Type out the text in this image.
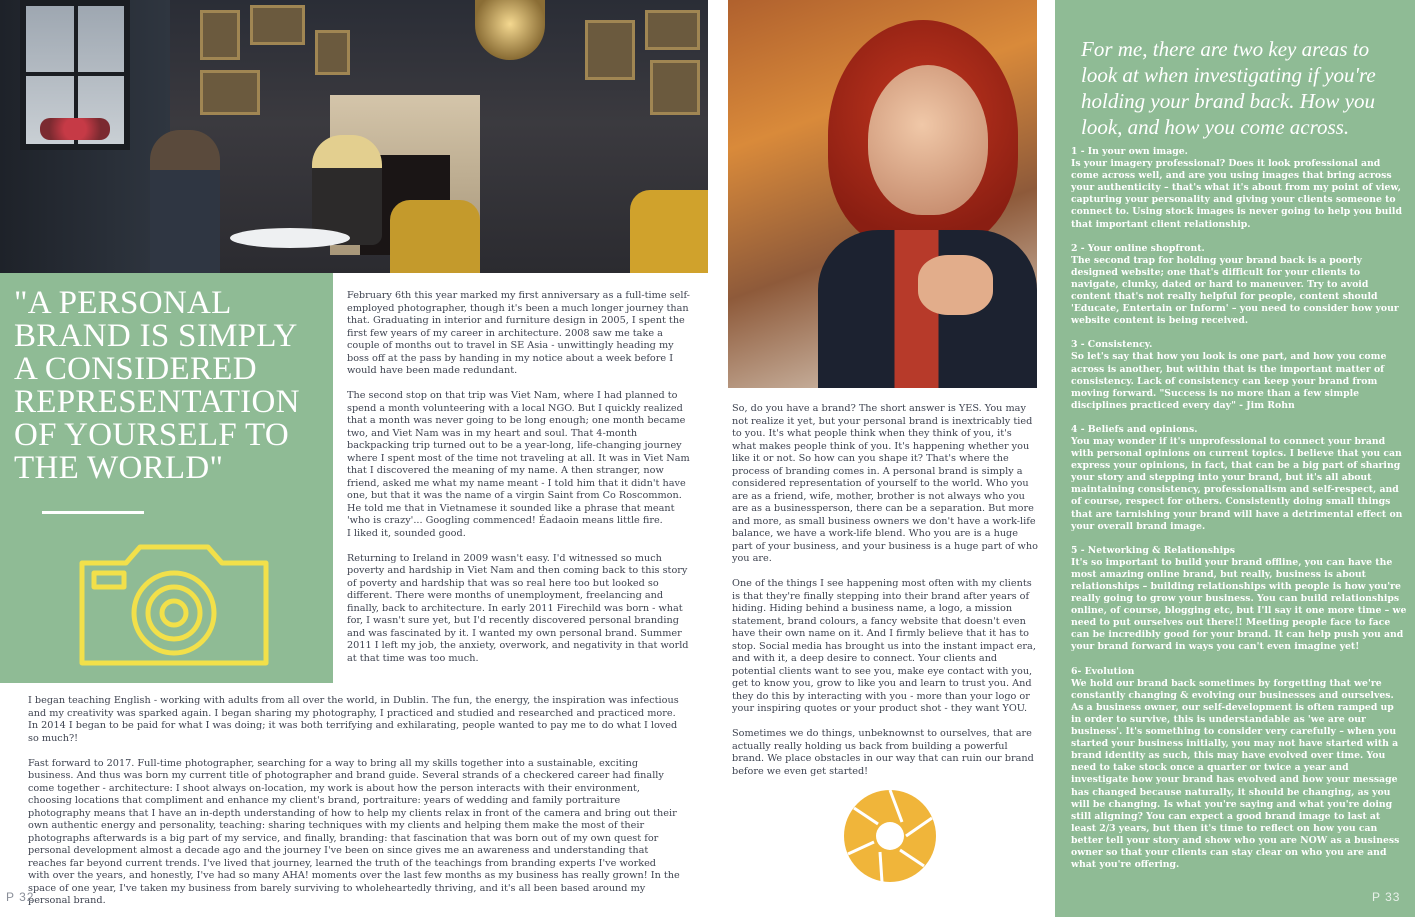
"A PERSONAL BRAND IS SIMPLY A CONSIDERED REPRESENTATION OF YOURSELF TO THE WORLD"

February 6th this year marked my first anniversary as a full-time self-employed photographer, though it's been a much longer journey than that. Graduating in interior and furniture design in 2005, I spent the first few years of my career in architecture. 2008 saw me take a couple of months out to travel in SE Asia - unwittingly heading my boss off at the pass by handing in my notice about a week before I would have been made redundant.

The second stop on that trip was Viet Nam, where I had planned to spend a month volunteering with a local NGO. But I quickly realized that a month was never going to be long enough; one month became two, and Viet Nam was in my heart and soul. That 4-month backpacking trip turned out to be a year-long, life-changing journey where I spent most of the time not traveling at all. It was in Viet Nam that I discovered the meaning of my name. A then stranger, now friend, asked me what my name meant - I told him that it didn't have one, but that it was the name of a virgin Saint from Co Roscommon. He told me that in Vietnamese it sounded like a phrase that meant 'who is crazy'... Googling commenced! Éadaoin means little fire.
I liked it, sounded good.

Returning to Ireland in 2009 wasn't easy. I'd witnessed so much poverty and hardship in Viet Nam and then coming back to this story of poverty and hardship that was so real here too but looked so different. There were months of unemployment, freelancing and finally, back to architecture. In early 2011 Firechild was born - what for, I wasn't sure yet, but I'd recently discovered personal branding and was fascinated by it. I wanted my own personal brand. Summer 2011 I left my job, the anxiety, overwork, and negativity in that world at that time was too much.

I began teaching English - working with adults from all over the world, in Dublin. The fun, the energy, the inspiration was infectious and my creativity was sparked again. I began sharing my photography, I practiced and studied and researched and practiced more. In 2014 I began to be paid for what I was doing; it was both terrifying and exhilarating, people wanted to pay me to do what I loved so much?!

Fast forward to 2017. Full-time photographer, searching for a way to bring all my skills together into a sustainable, exciting business. And thus was born my current title of photographer and brand guide. Several strands of a checkered career had finally come together - architecture: I shoot always on-location, my work is about how the person interacts with their environment, choosing locations that compliment and enhance my client's brand, portraiture: years of wedding and family portraiture photography means that I have an in-depth understanding of how to help my clients relax in front of the camera and bring out their own authentic energy and personality, teaching: sharing techniques with my clients and helping them make the most of their photographs afterwards is a big part of my service, and finally, branding: that fascination that was born out of my own quest for personal development almost a decade ago and the journey I've been on since gives me an awareness and understanding that reaches far beyond current trends. I've lived that journey, learned the truth of the teachings from branding experts I've worked with over the years, and honestly, I've had so many AHA! moments over the last few months as my business has really grown! In the space of one year, I've taken my business from barely surviving to wholeheartedly thriving, and it's all been based around my personal brand.

So, do you have a brand? The short answer is YES. You may not realize it yet, but your personal brand is inextricably tied to you. It's what people think when they think of you, it's what makes people think of you. It's happening whether you like it or not. So how can you shape it? That's where the process of branding comes in. A personal brand is simply a considered representation of yourself to the world. Who you are as a friend, wife, mother, brother is not always who you are as a businessperson, there can be a separation. But more and more, as small business owners we don't have a work-life balance, we have a work-life blend. Who you are is a huge part of your business, and your business is a huge part of who you are.

One of the things I see happening most often with my clients is that they're finally stepping into their brand after years of hiding. Hiding behind a business name, a logo, a mission statement, brand colours, a fancy website that doesn't even have their own name on it. And I firmly believe that it has to stop. Social media has brought us into the instant impact era, and with it, a deep desire to connect. Your clients and potential clients want to see you, make eye contact with you, get to know you, grow to like you and learn to trust you. And they do this by interacting with you - more than your logo or your inspiring quotes or your product shot - they want YOU.

Sometimes we do things, unbeknownst to ourselves, that are actually really holding us back from building a powerful brand. We place obstacles in our way that can ruin our brand before we even get started!

For me, there are two key areas to look at when investigating if you're holding your brand back. How you look, and how you come across.
1 - In your own image.
Is your imagery professional? Does it look professional and come across well, and are you using images that bring across your authenticity – that's what it's about from my point of view, capturing your personality and giving your clients someone to connect to. Using stock images is never going to help you build that important client relationship.
2 - Your online shopfront.
The second trap for holding your brand back is a poorly designed website; one that's difficult for your clients to navigate, clunky, dated or hard to maneuver. Try to avoid content that's not really helpful for people, content should 'Educate, Entertain or Inform' – you need to consider how your website content is being received.
3 - Consistency.
So let's say that how you look is one part, and how you come across is another, but within that is the important matter of consistency. Lack of consistency can keep your brand from moving forward. "Success is no more than a few simple disciplines practiced every day" - Jim Rohn
4 - Beliefs and opinions.
You may wonder if it's unprofessional to connect your brand with personal opinions on current topics. I believe that you can express your opinions, in fact, that can be a big part of sharing your story and stepping into your brand, but it's all about maintaining consistency, professionalism and self-respect, and of course, respect for others. Consistently doing small things that are tarnishing your brand will have a detrimental effect on your overall brand image.
5 - Networking & Relationships
It's so important to build your brand offline, you can have the most amazing online brand, but really, business is about relationships – building relationships with people is how you're really going to grow your business. You can build relationships online, of course, blogging etc, but I'll say it one more time – we need to put ourselves out there!! Meeting people face to face can be incredibly good for your brand. It can help push you and your brand forward in ways you can't even imagine yet!
6- Evolution
We hold our brand back sometimes by forgetting that we're constantly changing & evolving our businesses and ourselves. As a business owner, our self-development is often ramped up in order to survive, this is understandable as 'we are our business'. It's something to consider very carefully – when you started your business initially, you may not have started with a brand identity as such, this may have evolved over time. You need to take stock once a quarter or twice a year and investigate how your brand has evolved and how your message has changed because naturally, it should be changing, as you will be changing. Is what you're saying and what you're doing still aligning? You can expect a good brand image to last at least 2/3 years, but then it's time to reflect on how you can better tell your story and show who you are NOW as a business owner so that your clients can stay clear on who you are and what you're offering.
P 32	P 33
